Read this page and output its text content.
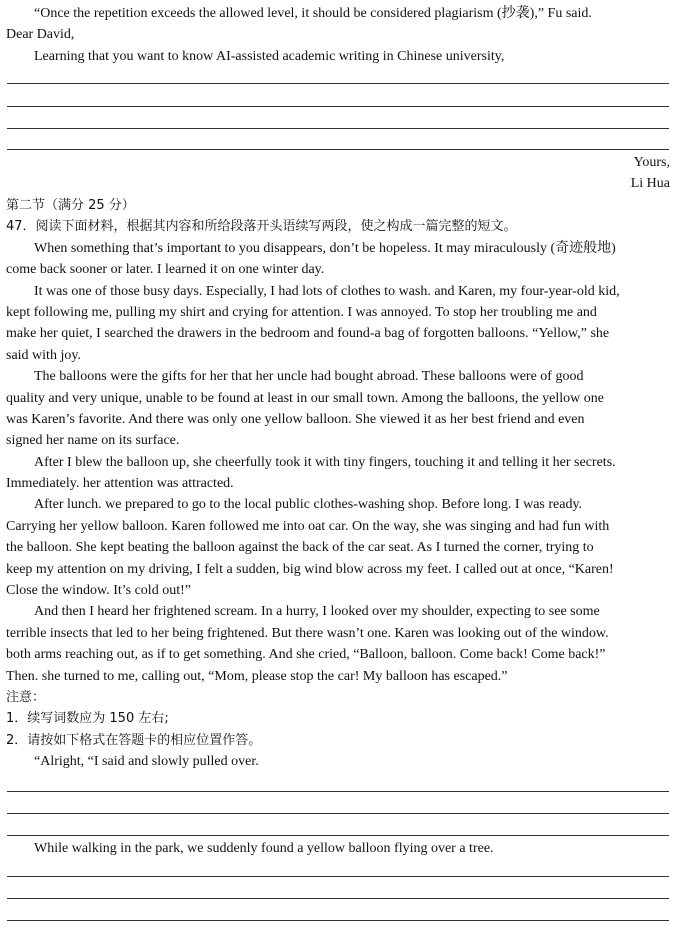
“Once the repetition exceeds the allowed level, it should be considered plagiarism (抄袭),” Fu said.
Dear David,
Learning that you want to know AI-assisted academic writing in Chinese university,
Yours,
Li Hua
第二节（满分 25 分）
47．阅读下面材料，根据其内容和所给段落开头语续写两段，使之构成一篇完整的短文。
When something that’s important to you disappears, don’t be hopeless. It may miraculously (奇迹般地)
come back sooner or later. I learned it on one winter day.
It was one of those busy days. Especially, I had lots of clothes to wash. and Karen, my four-year-old kid,
kept following me, pulling my shirt and crying for attention. I was annoyed. To stop her troubling me and
make her quiet, I searched the drawers in the bedroom and found-a bag of forgotten balloons. “Yellow,” she
said with joy.
The balloons were the gifts for her that her uncle had bought abroad. These balloons were of good
quality and very unique, unable to be found at least in our small town. Among the balloons, the yellow one
was Karen’s favorite. And there was only one yellow balloon. She viewed it as her best friend and even
signed her name on its surface.
After I blew the balloon up, she cheerfully took it with tiny fingers, touching it and telling it her secrets.
Immediately. her attention was attracted.
After lunch. we prepared to go to the local public clothes-washing shop. Before long. I was ready.
Carrying her yellow balloon. Karen followed me into oat car. On the way, she was singing and had fun with
the balloon. She kept beating the balloon against the back of the car seat. As I turned the corner, trying to
keep my attention on my driving, I felt a sudden, big wind blow across my feet. I called out at once, “Karen!
Close the window. It’s cold out!”
And then I heard her frightened scream. In a hurry, I looked over my shoulder, expecting to see some
terrible insects that led to her being frightened. But there wasn’t one. Karen was looking out of the window.
both arms reaching out, as if to get something. And she cried, “Balloon, balloon. Come back! Come back!”
Then. she turned to me, calling out, “Mom, please stop the car! My balloon has escaped.”
注意：
1．续写词数应为 150 左右;
2．请按如下格式在答题卡的相应位置作答。
“Alright, “I said and slowly pulled over.
While walking in the park, we suddenly found a yellow balloon flying over a tree.
